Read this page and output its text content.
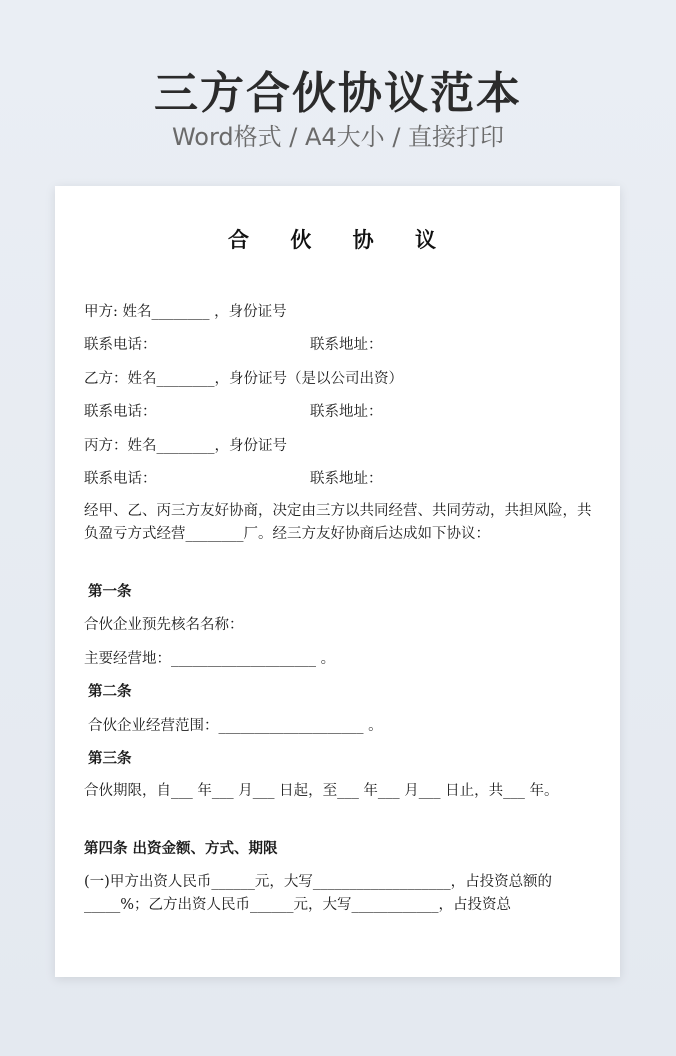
三方合伙协议范本
Word格式 / A4大小 / 直接打印
合 伙 协 议
甲方: 姓名________ ，身份证号
联系电话：	联系地址：
乙方：姓名________，身份证号（是以公司出资）
联系电话：	联系地址：
丙方：姓名________，身份证号
联系电话：	联系地址：
经甲、乙、丙三方友好协商，决定由三方以共同经营、共同劳动，共担风险，共负盈亏方式经营________厂。经三方友好协商后达成如下协议：
第一条
合伙企业预先核名名称：
主要经营地：____________________ 。
第二条
合伙企业经营范围：____________________ 。
第三条
合伙期限，自___ 年___ 月___ 日起，至___ 年___ 月___ 日止，共___ 年。
第四条 出资金额、方式、期限
(一)甲方出资人民币______元，大写___________________，占投资总额的_____%；乙方出资人民币______元，大写____________，占投资总
